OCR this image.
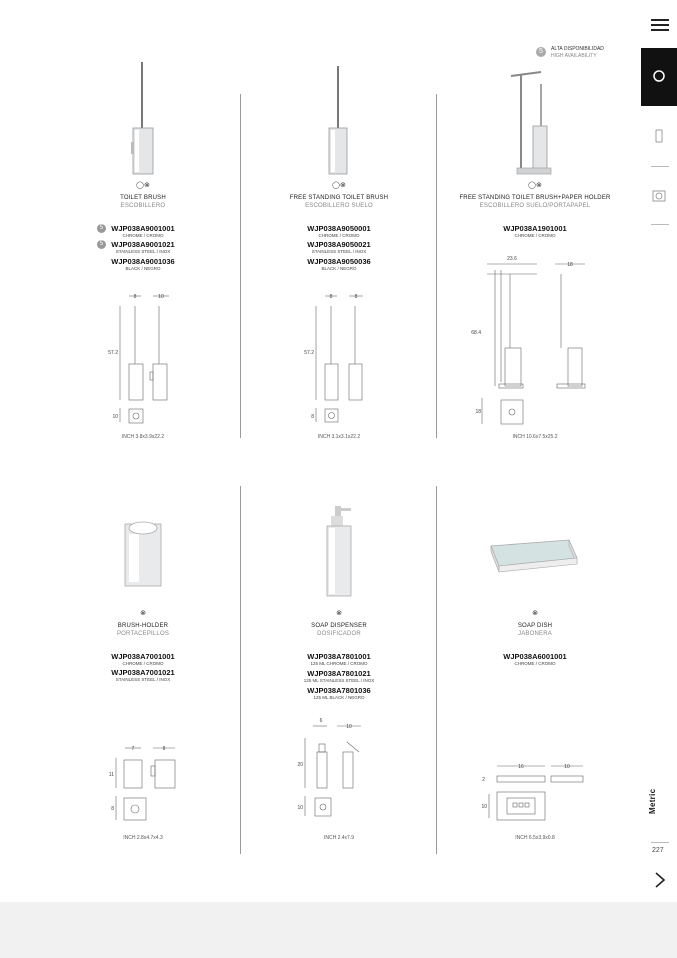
5	ALTA DISPONIBILIDAD
HIGH AVAILABILITY
◯⊗
TOILET BRUSH
ESCOBILLERO
5	WJP038A9001001
CHROME / CROMO
5	WJP038A9001021
STAINLESS STEEL / INOX
WJP038A9001036
BLACK / NEGRO
8	10
57.2
10
INCH 3.8x3.9x22.2
◯⊗
FREE STANDING TOILET BRUSH
ESCOBILLERO SUELO
WJP038A9050001
CHROME / CROMO
WJP038A9050021
STAINLESS STEEL / INOX
WJP038A9050036
BLACK / NEGRO
8	8
57.2
8
INCH 3.1x3.1x22.2
◯⊗
FREE STANDING TOILET BRUSH+PAPER HOLDER
ESCOBILLERO SUELO/PORTAPAPEL
WJP038A1901001
CHROME / CROMO
23.6
18
68.4
18
INCH 10.6x7.5x25.2
⊗
BRUSH-HOLDER
PORTACEPILLOS
WJP038A7001001
CHROME / CROMO
WJP038A7001021
STAINLESS STEEL / INOX
7	8
11
8
INCH 2.8x4.7x4.3
⊗
SOAP DISPENSER
DOSIFICADOR
WJP038A7801001
125 ML CHROME / CROMO
WJP038A7801021
125 ML STAINLESS STEEL / INOX
WJP038A7801036
125 ML BLACK / NEGRO
6
10
20
10
INCH 2.4x7.9
⊗
SOAP DISH
JABONERA
WJP038A6001001
CHROME / CROMO
16	10
2
10
INCH 6.5x3.9x0.8
Metric
227
